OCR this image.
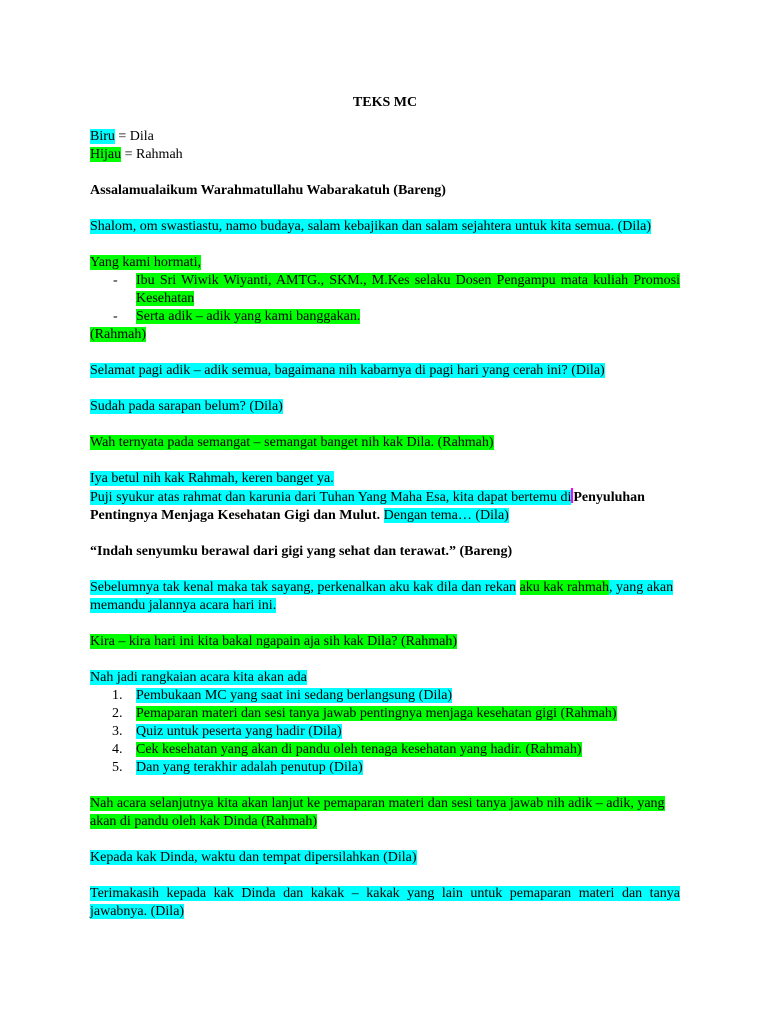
TEKS MC

Biru = Dila

Hijau = Rahmah

Assalamualaikum Warahmatullahu Wabarakatuh (Bareng)

Shalom, om swastiastu, namo budaya, salam kebajikan dan salam sejahtera untuk kita semua. (Dila)

Yang kami hormati,

- Ibu Sri Wiwik Wiyanti, AMTG., SKM., M.Kes selaku Dosen Pengampu mata kuliah Promosi Kesehatan
- Serta adik – adik yang kami banggakan.

(Rahmah)

Selamat pagi adik – adik semua, bagaimana nih kabarnya di pagi hari yang cerah ini? (Dila)

Sudah pada sarapan belum? (Dila)

Wah ternyata pada semangat – semangat banget nih kak Dila. (Rahmah)

Iya betul nih kak Rahmah, keren banget ya.

Puji syukur atas rahmat dan karunia dari Tuhan Yang Maha Esa, kita dapat bertemu di Penyuluhan Pentingnya Menjaga Kesehatan Gigi dan Mulut. Dengan tema… (Dila)

“Indah senyumku berawal dari gigi yang sehat dan terawat.” (Bareng)

Sebelumnya tak kenal maka tak sayang, perkenalkan aku kak dila dan rekan aku kak rahmah, yang akan memandu jalannya acara hari ini.

Kira – kira hari ini kita bakal ngapain aja sih kak Dila? (Rahmah)

Nah jadi rangkaian acara kita akan ada

1. Pembukaan MC yang saat ini sedang berlangsung (Dila)
2. Pemaparan materi dan sesi tanya jawab pentingnya menjaga kesehatan gigi (Rahmah)
3. Quiz untuk peserta yang hadir (Dila)
4. Cek kesehatan yang akan di pandu oleh tenaga kesehatan yang hadir. (Rahmah)
5. Dan yang terakhir adalah penutup (Dila)

Nah acara selanjutnya kita akan lanjut ke pemaparan materi dan sesi tanya jawab nih adik – adik, yang akan di pandu oleh kak Dinda (Rahmah)

Kepada kak Dinda, waktu dan tempat dipersilahkan (Dila)

Terimakasih kepada kak Dinda dan kakak – kakak yang lain untuk pemaparan materi dan tanya jawabnya. (Dila)
